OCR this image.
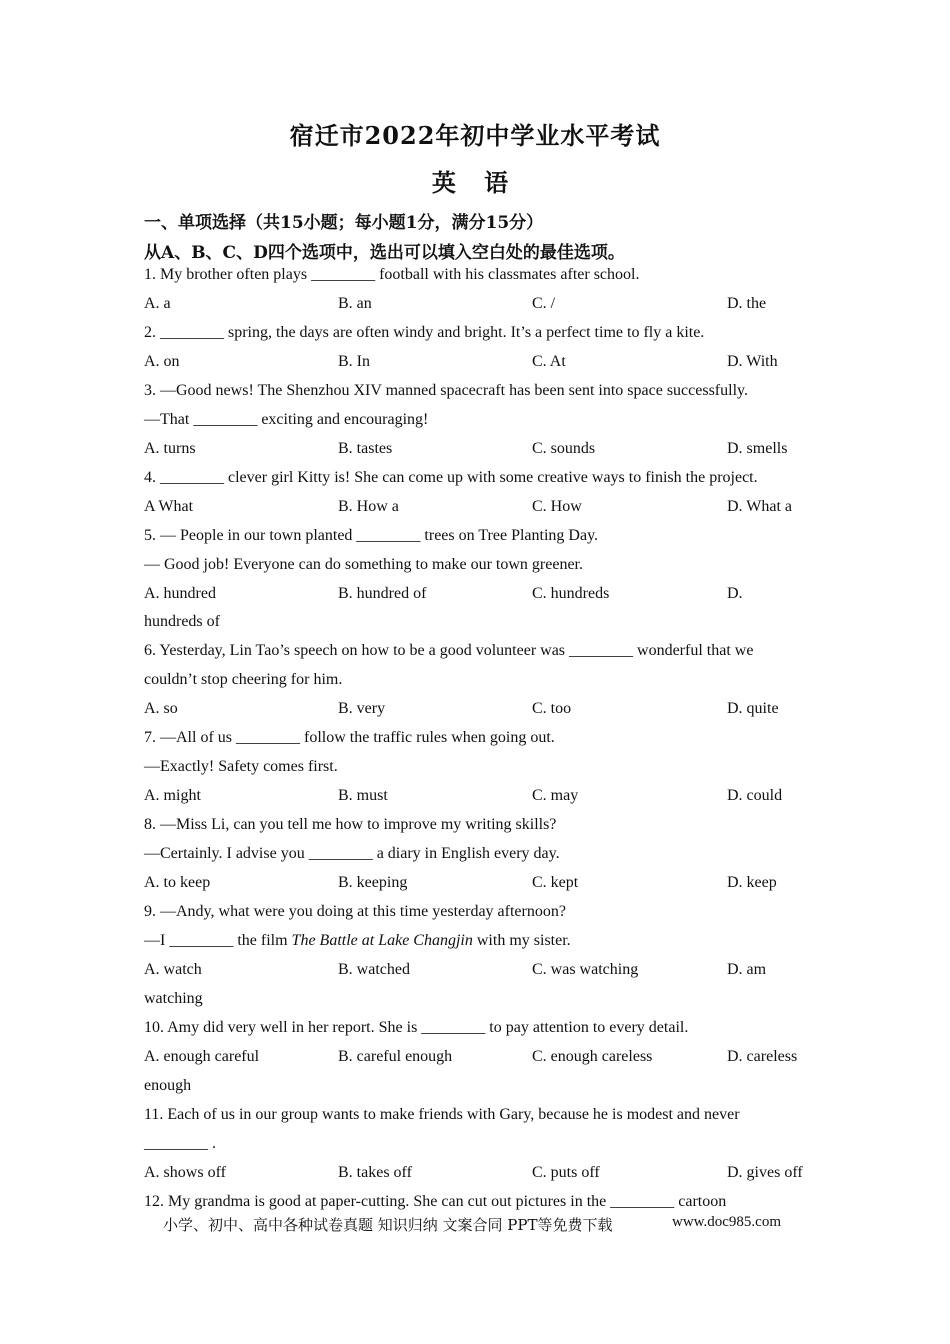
宿迁市2022年初中学业水平考试
英 语
一、单项选择（共15小题；每小题1分，满分15分）
从A、B、C、D四个选项中，选出可以填入空白处的最佳选项。
1. My brother often plays ________ football with his classmates after school.
A. a	B. an	C. /	D. the
2. ________ spring, the days are often windy and bright. It’s a perfect time to fly a kite.
A. on	B. In	C. At	D. With
3. —Good news! The Shenzhou XIV manned spacecraft has been sent into space successfully.
—That ________ exciting and encouraging!
A. turns	B. tastes	C. sounds	D. smells
4. ________ clever girl Kitty is! She can come up with some creative ways to finish the project.
A What	B. How a	C. How	D. What a
5. — People in our town planted ________ trees on Tree Planting Day.
— Good job! Everyone can do something to make our town greener.
A. hundred	B. hundred of	C. hundreds	D.
hundreds of
6. Yesterday, Lin Tao’s speech on how to be a good volunteer was ________ wonderful that we
couldn’t stop cheering for him.
A. so	B. very	C. too	D. quite
7. —All of us ________ follow the traffic rules when going out.
—Exactly! Safety comes first.
A. might	B. must	C. may	D. could
8. —Miss Li, can you tell me how to improve my writing skills?
—Certainly. I advise you ________ a diary in English every day.
A. to keep	B. keeping	C. kept	D. keep
9. —Andy, what were you doing at this time yesterday afternoon?
—I ________ the film The Battle at Lake Changjin with my sister.
A. watch	B. watched	C. was watching	D. am
watching
10. Amy did very well in her report. She is ________ to pay attention to every detail.
A. enough careful	B. careful enough	C. enough careless	D. careless
enough
11. Each of us in our group wants to make friends with Gary, because he is modest and never
________ .
A. shows off	B. takes off	C. puts off	D. gives off
12. My grandma is good at paper-cutting. She can cut out pictures in the ________ cartoon
小学、初中、高中各种试卷真题 知识归纳 文案合同 PPT等免费下载	www.doc985.com
